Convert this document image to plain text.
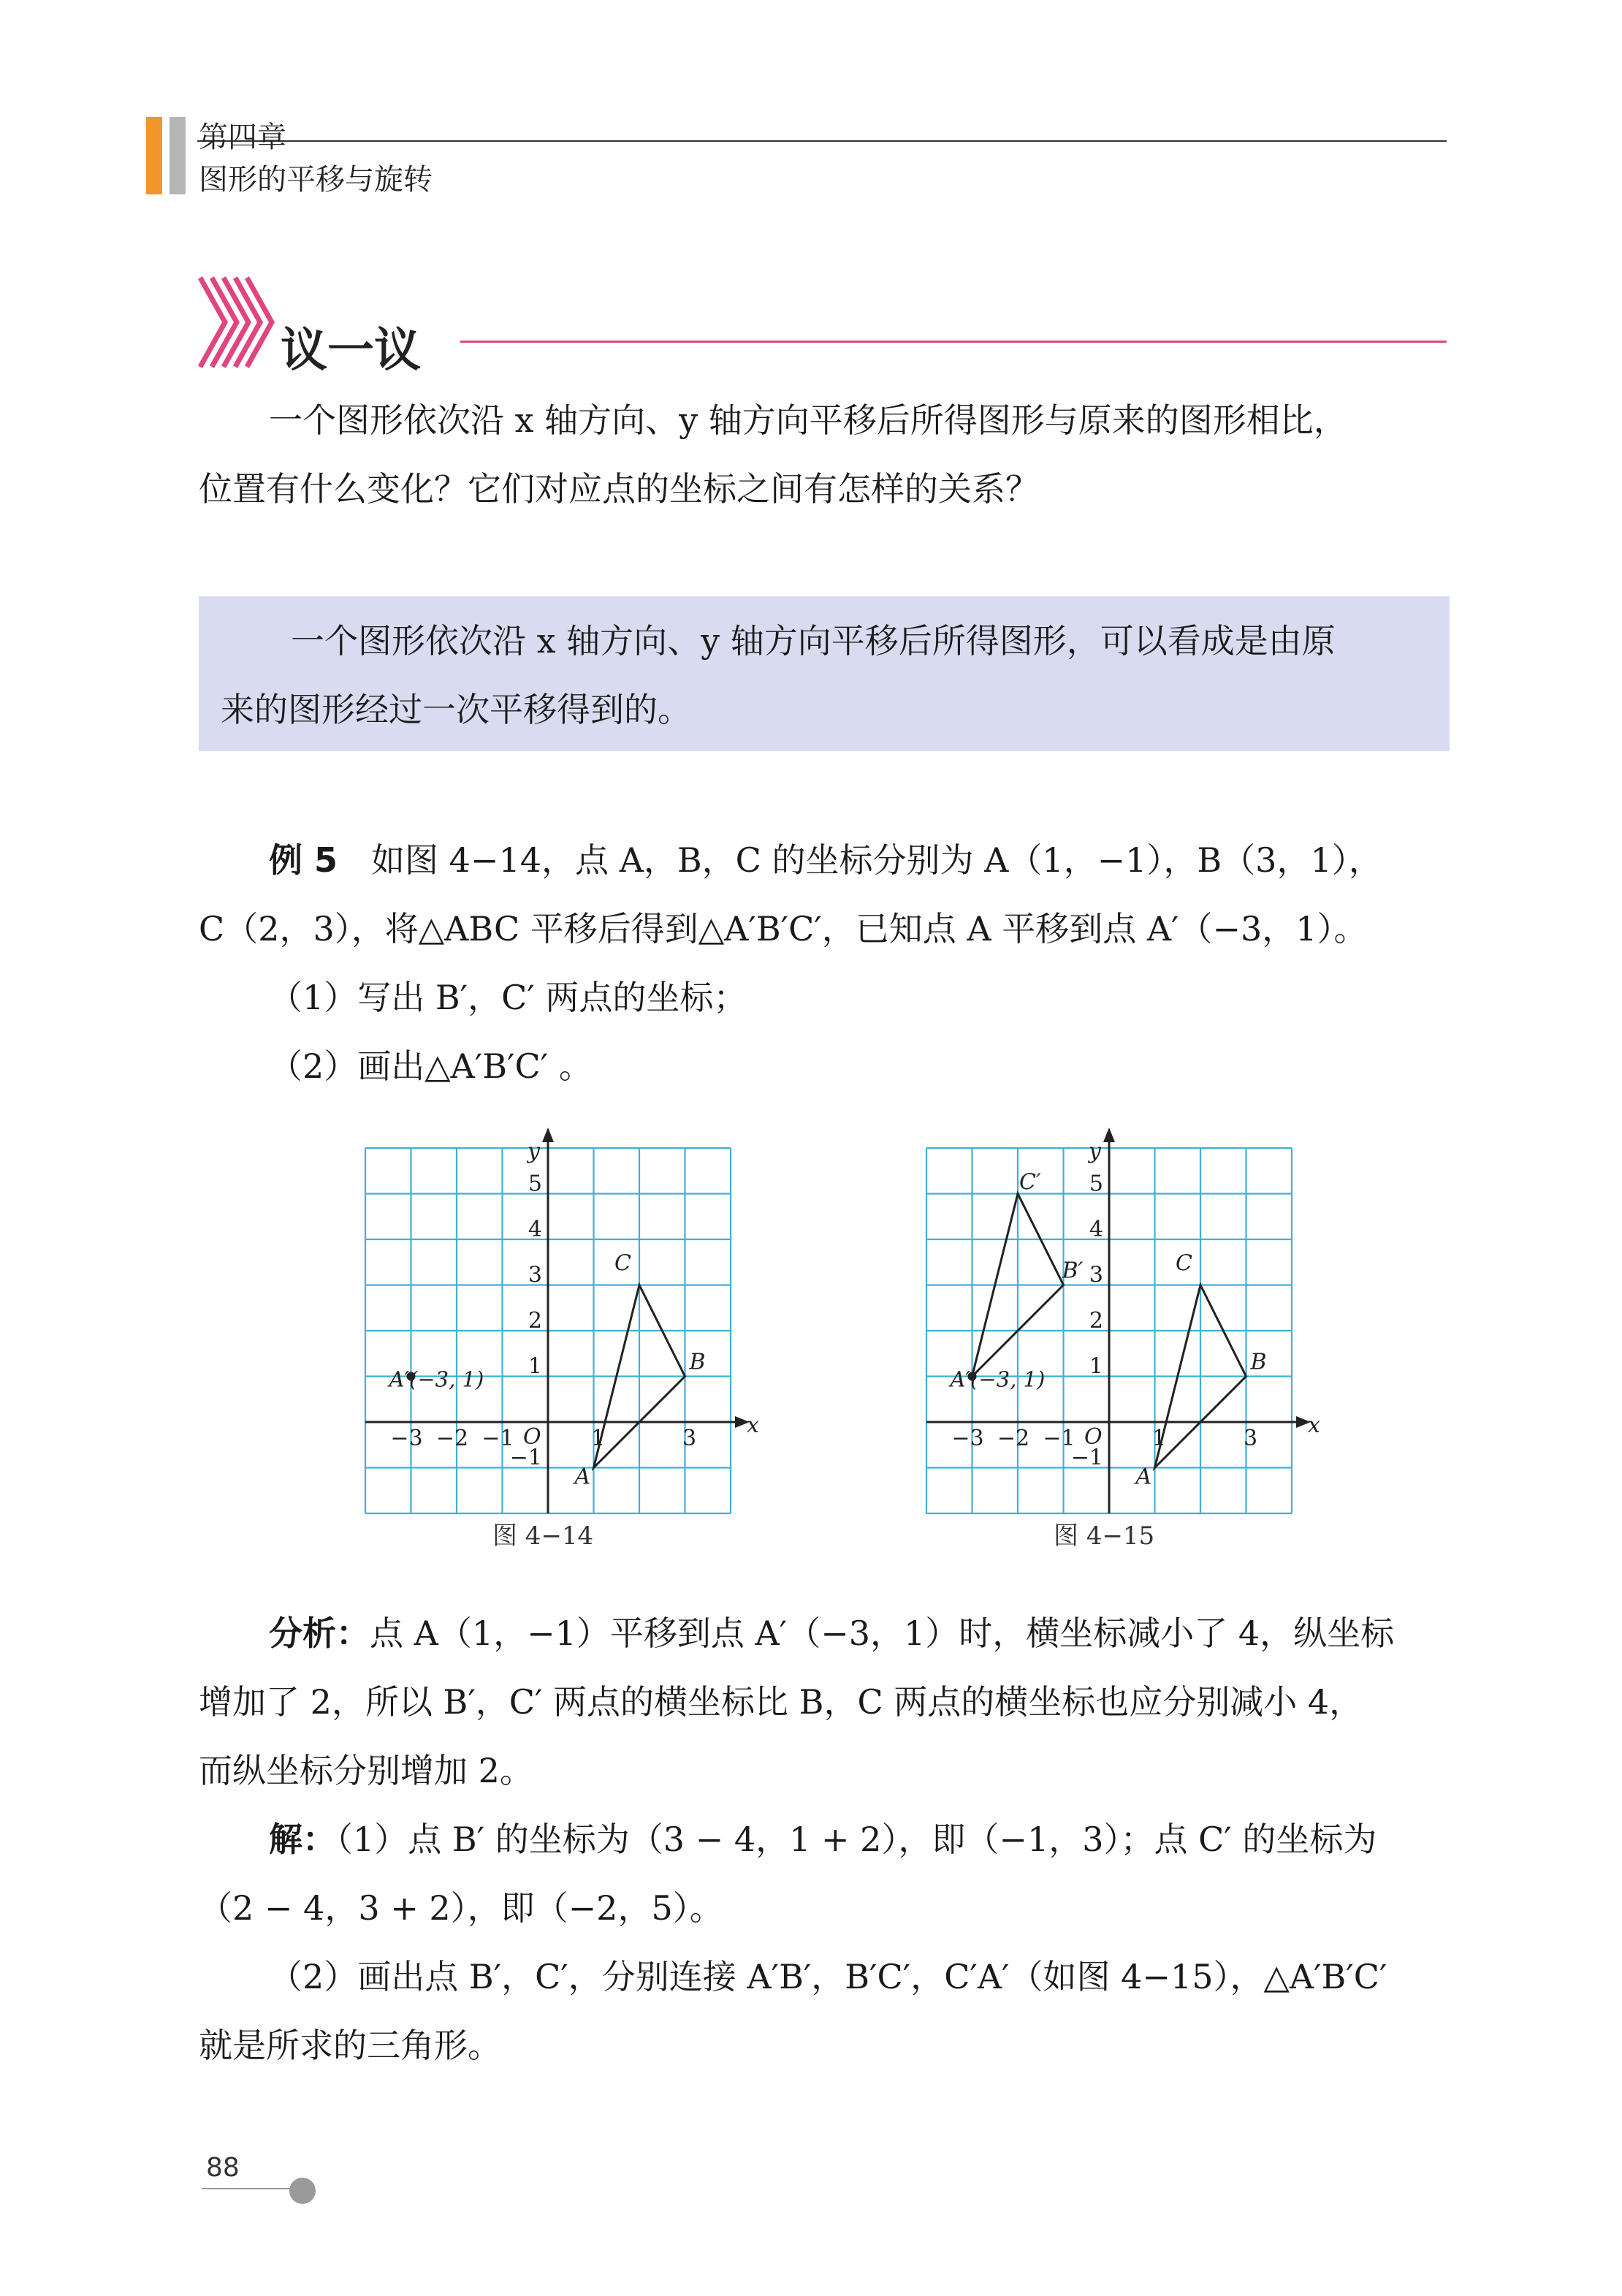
第四章
图形的平移与旋转
议一议
一个图形依次沿 x 轴方向、y 轴方向平移后所得图形与原来的图形相比，
位置有什么变化？它们对应点的坐标之间有怎样的关系？
一个图形依次沿 x 轴方向、y 轴方向平移后所得图形，可以看成是由原
来的图形经过一次平移得到的。
例 5　 如图 4−14，点 A，B，C 的坐标分别为 A（1，−1），B（3，1），
C（2，3），将△ABC 平移后得到△A′B′C′，已知点 A 平移到点 A′（−3，1）。
（1）写出 B′，C′ 两点的坐标；
（2）画出△A′B′C′ 。
x
y
O
−3 −2 −1	1	3
5
4
3
2
1
−1
A
B
C
A′(−3, 1)
x
y
O
−3 −2 −1	1	3
5
4
3
2
1
−1
A
B
C
A′(−3, 1)
B′
C′
图 4−14	图 4−15
分析：点 A（1，−1）平移到点 A′（−3，1）时，横坐标减小了 4，纵坐标
增加了 2，所以 B′，C′ 两点的横坐标比 B，C 两点的横坐标也应分别减小 4，
而纵坐标分别增加 2。
解：（1）点 B′ 的坐标为（3 − 4，1 + 2），即（−1，3）；点 C′ 的坐标为
（2 − 4，3 + 2），即（−2，5）。
（2）画出点 B′，C′，分别连接 A′B′，B′C′，C′A′（如图 4−15），△A′B′C′
就是所求的三角形。
88
